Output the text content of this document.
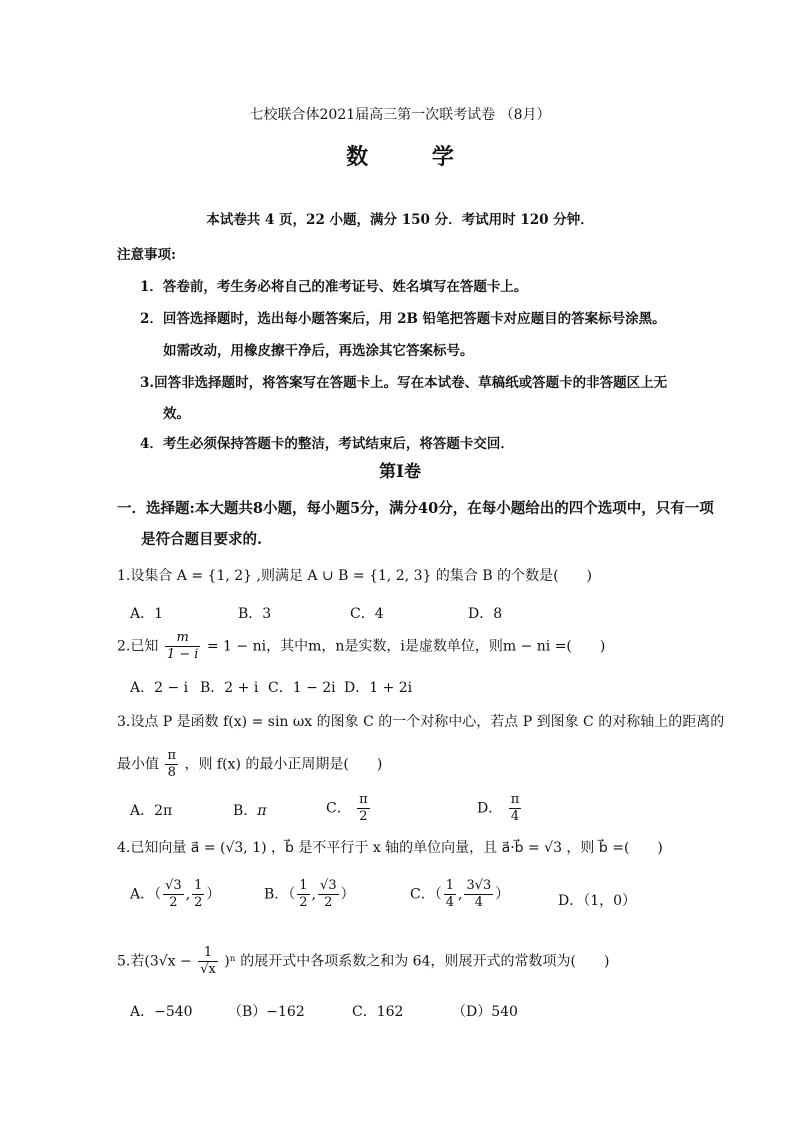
七校联合体2021届高三第一次联考试卷 （8月）
数 学
本试卷共 4 页，22 小题，满分 150 分．考试用时 120 分钟．
注意事项:
1．答卷前，考生务必将自己的准考证号、姓名填写在答题卡上。
2．回答选择题时，选出每小题答案后，用 2B 铅笔把答题卡对应题目的答案标号涂黑。
如需改动，用橡皮擦干净后，再选涂其它答案标号。
3.回答非选择题时，将答案写在答题卡上。写在本试卷、草稿纸或答题卡的非答题区上无
效。
4．考生必须保持答题卡的整洁，考试结束后，将答题卡交回．
第Ⅰ卷
一．选择题:本大题共8小题，每小题5分，满分40分，在每小题给出的四个选项中，只有一项
是符合题目要求的.
1.设集合 A = {1, 2} ,则满足 A ∪ B = {1, 2, 3} 的集合 B 的个数是(　　)
A．1	B．3	C．4	D．8
2.已知 $\frac{m}{1 - i} = 1$ − ni，其中m，n是实数，i是虚数单位，则m − ni =(　　)
A．2 − i B．2 + i C．1 − 2i D．1 + 2i
3.设点 P 是函数 f(x) = sin ωx 的图象 C 的一个对称中心，若点 P 到图象 C 的对称轴上的距离的
最小值 $\frac{\pi}{8}$ ，则 f(x) 的最小正周期是(　　)
A．2π	B．π	C． $\frac{\pi}{2}$	D． $\frac{\pi}{4}$
4.已知向量 a⃗ = (√3, 1) ，b⃗ 是不平行于 x 轴的单位向量，且 a⃗·b⃗ = √3 ，则 b⃗ =(　　)
A．（ $\frac{√3}{2}$ , $\frac{1}{2}$ ）	B．（ $\frac{1}{2}$ , $\frac{√3}{2}$ ）	C．（ $\frac{1}{4}$ , $\frac{3√3}{4}$ ）	D．（1，0）
5.若$(3√x - \frac{1}{√x} )^n$ 的展开式中各项系数之和为 64，则展开式的常数项为(　　)
A．−540	（B）−162	C．162	（D）540
